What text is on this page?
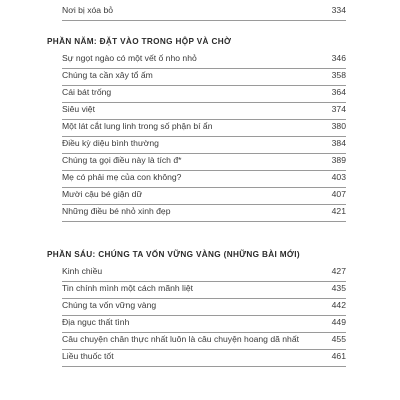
Nơi bị xóa bỏ	334
PHẦN NĂM: ĐẶT VÀO TRONG HỘP VÀ CHỜ
Sự ngọt ngào có một vết ố nho nhỏ	346
Chúng ta cần xây tổ ấm	358
Cái bát trống	364
Siêu việt	374
Một lát cắt lung linh trong số phận bí ẩn	380
Điều kỳ diệu bình thường	384
Chúng ta gọi điều này là tích đ*	389
Mẹ có phải mẹ của con không?	403
Mười cậu bé giận dữ	407
Những điều bé nhỏ xinh đẹp	421
PHẦN SÁU: CHÚNG TA VỐN VỮNG VÀNG (NHỮNG BÀI MỚI)
Kinh chiều	427
Tin chính mình một cách mãnh liệt	435
Chúng ta vốn vững vàng	442
Địa ngục thất tình	449
Câu chuyện chân thực nhất luôn là câu chuyện hoang dã nhất	455
Liều thuốc tốt	461
